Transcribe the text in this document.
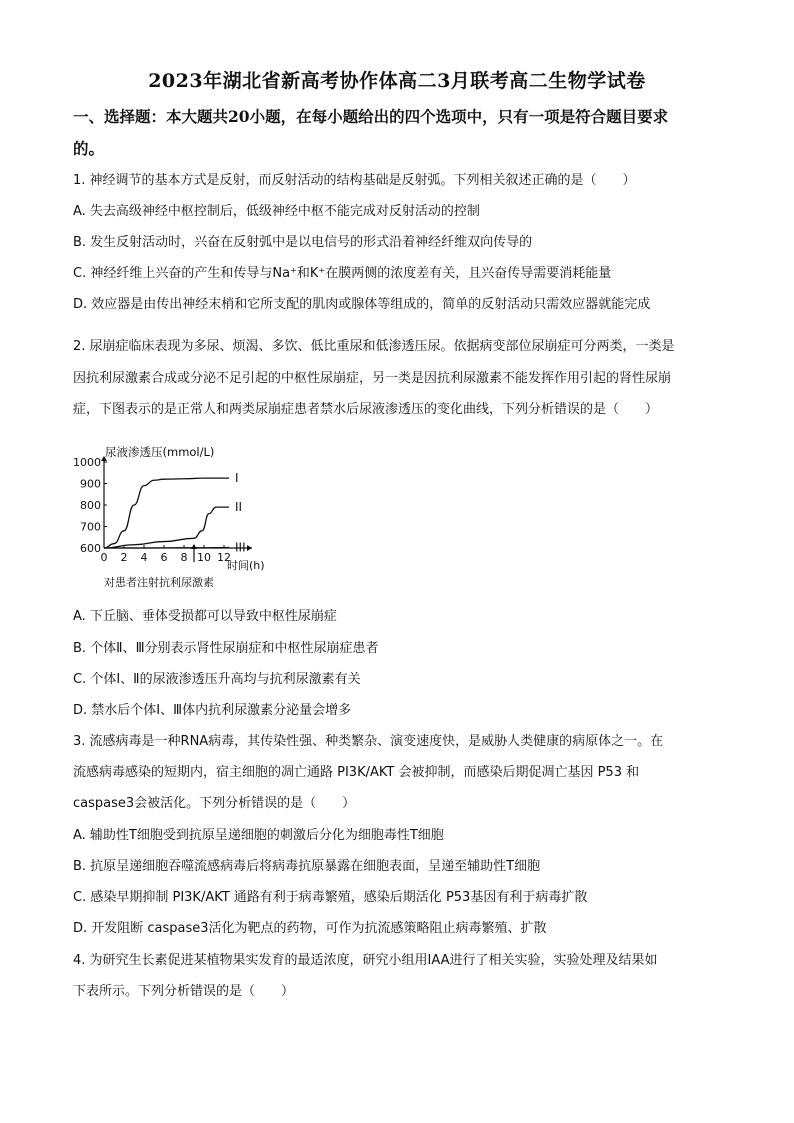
2023年湖北省新高考协作体高二3月联考高二生物学试卷
一、选择题：本大题共20小题，在每小题给出的四个选项中，只有一项是符合题目要求
的。
1. 神经调节的基本方式是反射，而反射活动的结构基础是反射弧。下列相关叙述正确的是（　　）
A. 失去高级神经中枢控制后，低级神经中枢不能完成对反射活动的控制
B. 发生反射活动时，兴奋在反射弧中是以电信号的形式沿着神经纤维双向传导的
C. 神经纤维上兴奋的产生和传导与Na⁺和K⁺在膜两侧的浓度差有关，且兴奋传导需要消耗能量
D. 效应器是由传出神经末梢和它所支配的肌肉或腺体等组成的，简单的反射活动只需效应器就能完成
2. 尿崩症临床表现为多尿、烦渴、多饮、低比重尿和低渗透压尿。依据病变部位尿崩症可分两类，一类是
因抗利尿激素合成或分泌不足引起的中枢性尿崩症，另一类是因抗利尿激素不能发挥作用引起的肾性尿崩
症，下图表示的是正常人和两类尿崩症患者禁水后尿液渗透压的变化曲线，下列分析错误的是（　　）
尿液渗透压(mmol/L)
时间(h)
对患者注射抗利尿激素
600
700
800
900
1000
0 2 4 6 8 10 12
I
II
III
A. 下丘脑、垂体受损都可以导致中枢性尿崩症
B. 个体Ⅱ、Ⅲ分别表示肾性尿崩症和中枢性尿崩症患者
C. 个体Ⅰ、Ⅱ的尿液渗透压升高均与抗利尿激素有关
D. 禁水后个体Ⅰ、Ⅲ体内抗利尿激素分泌量会增多
3. 流感病毒是一种RNA病毒，其传染性强、种类繁杂、演变速度快，是威胁人类健康的病原体之一。在
流感病毒感染的短期内，宿主细胞的凋亡通路 PI3K/AKT 会被抑制，而感染后期促凋亡基因 P53 和
caspase3会被活化。下列分析错误的是（　　）
A. 辅助性T细胞受到抗原呈递细胞的刺激后分化为细胞毒性T细胞
B. 抗原呈递细胞吞噬流感病毒后将病毒抗原暴露在细胞表面，呈递至辅助性T细胞
C. 感染早期抑制 PI3K/AKT 通路有利于病毒繁殖，感染后期活化 P53基因有利于病毒扩散
D. 开发阻断 caspase3活化为靶点的药物，可作为抗流感策略阻止病毒繁殖、扩散
4. 为研究生长素促进某植物果实发育的最适浓度，研究小组用IAA进行了相关实验，实验处理及结果如
下表所示。下列分析错误的是（　　）
